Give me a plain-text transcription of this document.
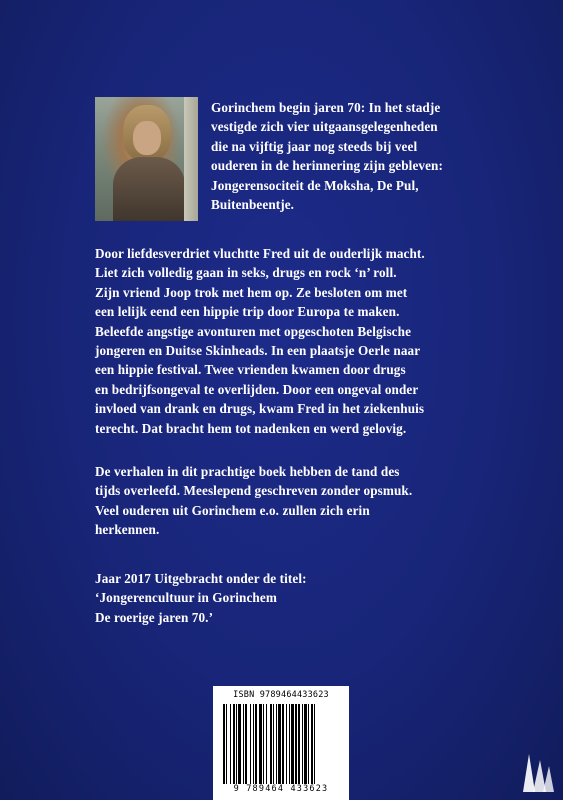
Gorinchem begin jaren 70: In het stadje
vestigde zich vier uitgaansgelegenheden
die na vijftig jaar nog steeds bij veel
ouderen in de herinnering zijn gebleven:
Jongerensociteit de Moksha, De Pul,
Buitenbeentje.
Door liefdesverdriet vluchtte Fred uit de ouderlijk macht.
Liet zich volledig gaan in seks, drugs en rock ‘n’ roll.
Zijn vriend Joop trok met hem op. Ze besloten om met
een lelijk eend een hippie trip door Europa te maken.
Beleefde angstige avonturen met opgeschoten Belgische
jongeren en Duitse Skinheads. In een plaatsje Oerle naar
een hippie festival. Twee vrienden kwamen door drugs
en bedrijfsongeval te overlijden. Door een ongeval onder
invloed van drank en drugs, kwam Fred in het ziekenhuis
terecht. Dat bracht hem tot nadenken en werd gelovig.
De verhalen in dit prachtige boek hebben de tand des
tijds overleefd. Meeslepend geschreven zonder opsmuk.
Veel ouderen uit Gorinchem e.o. zullen zich erin
herkennen.
Jaar 2017 Uitgebracht onder de titel:
‘Jongerencultuur in Gorinchem
De roerige jaren 70.’
ISBN 9789464433623
9 789464 433623
